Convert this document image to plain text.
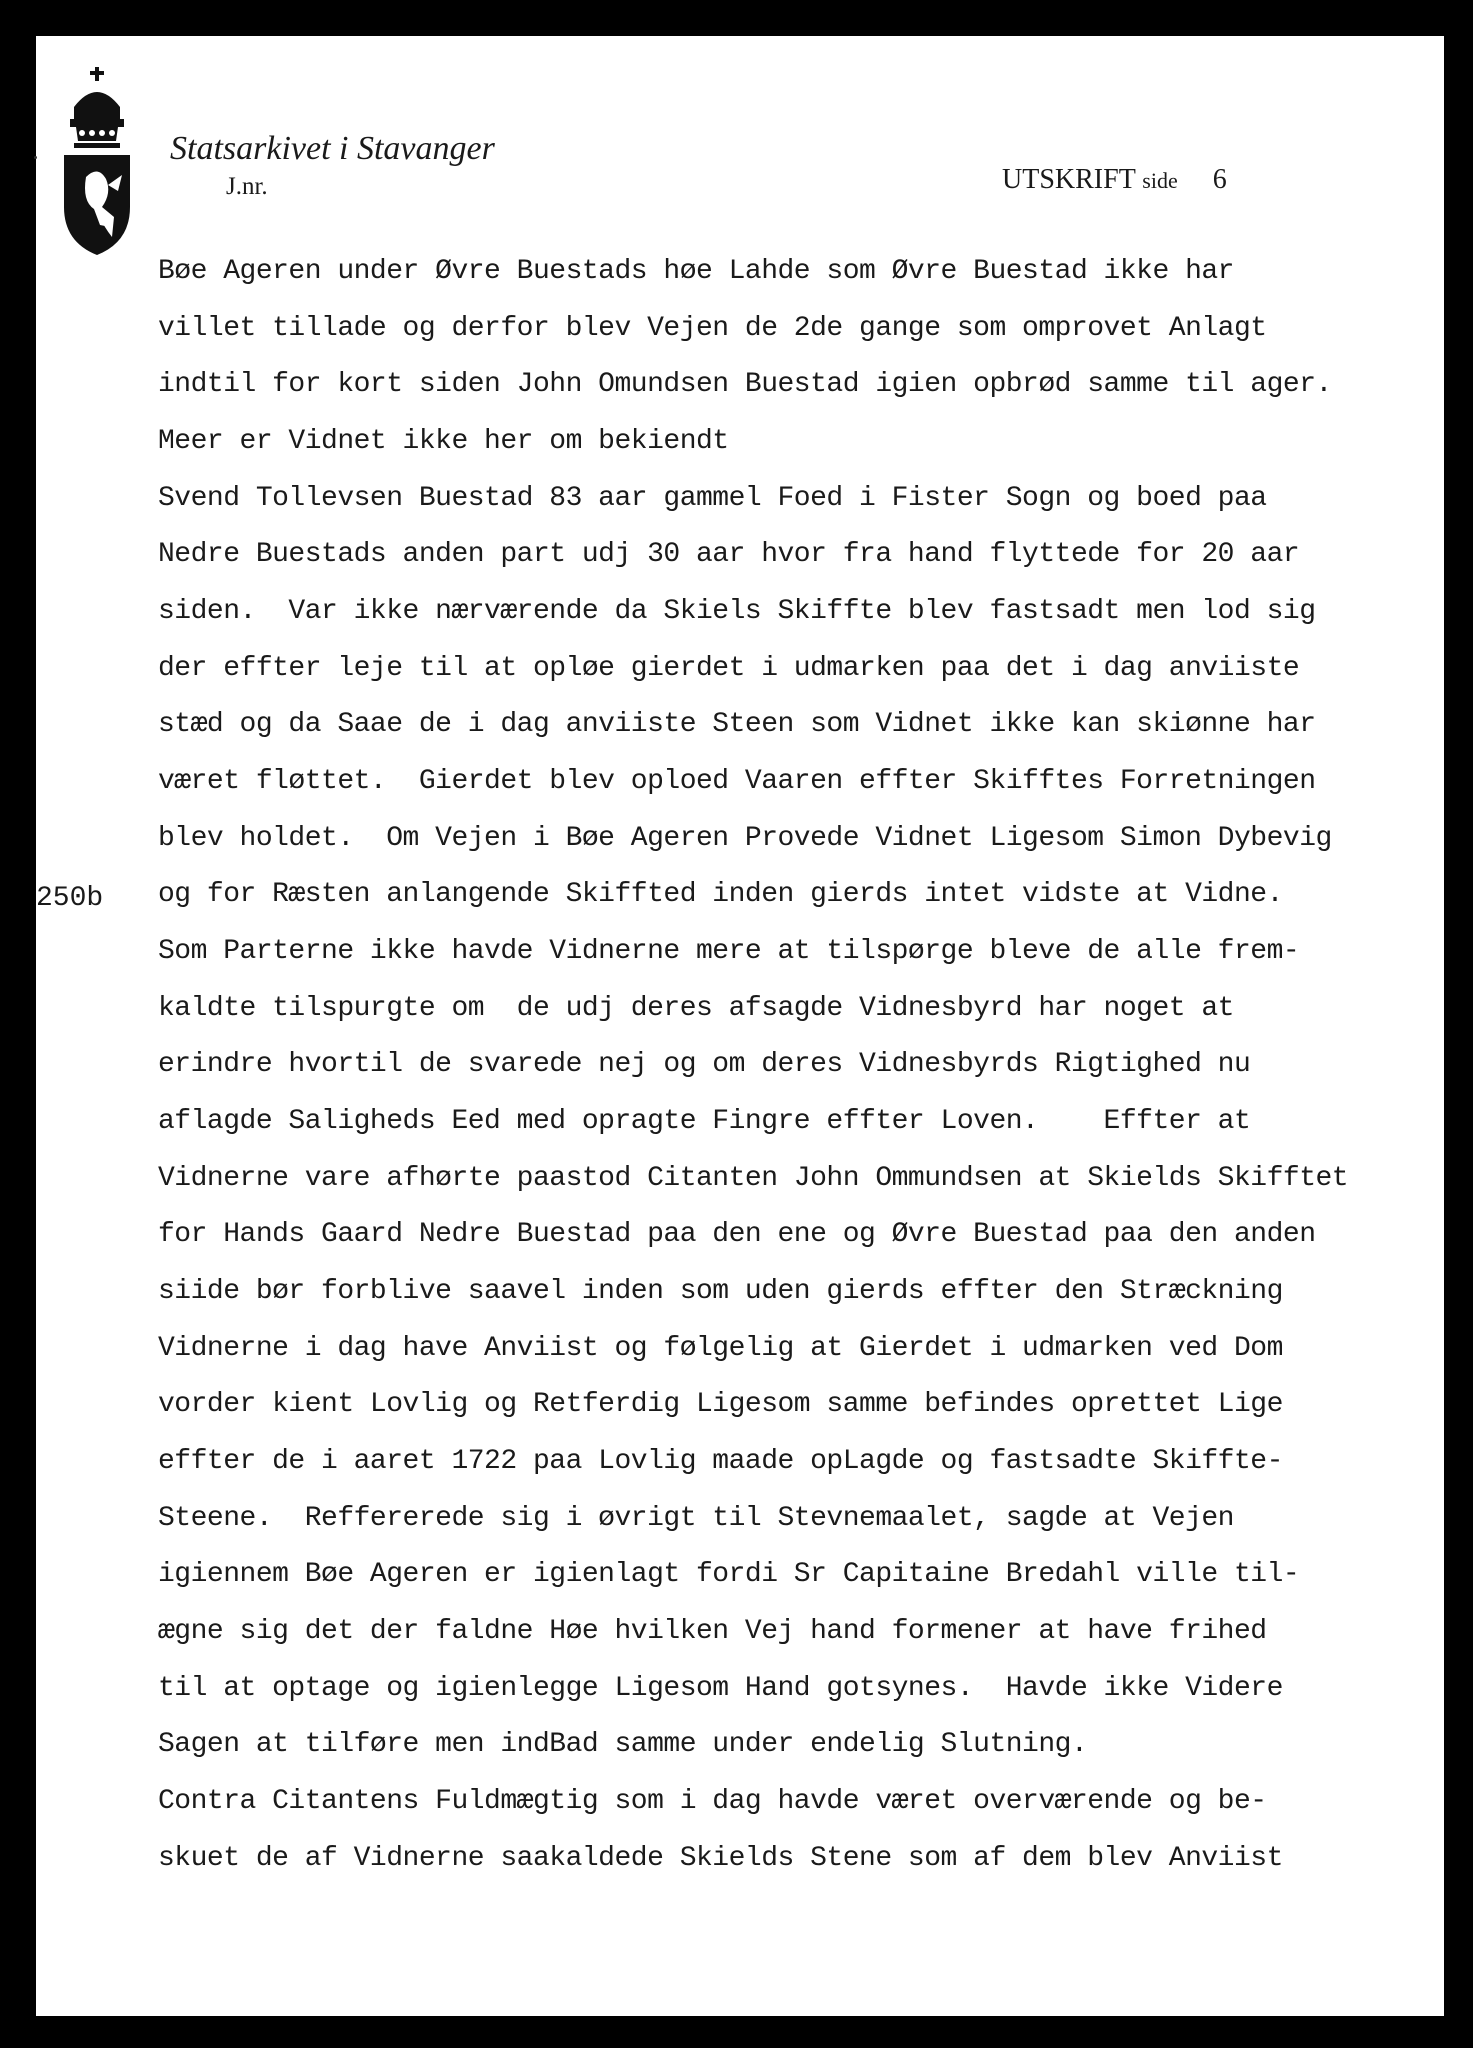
Statsarkivet i Stavanger
J.nr.	UTSKRIFT side 6
250b
Bøe Ageren under Øvre Buestads høe Lahde som Øvre Buestad ikke har
villet tillade og derfor blev Vejen de 2de gange som omprovet Anlagt
indtil for kort siden John Omundsen Buestad igien opbrød samme til ager.
Meer er Vidnet ikke her om bekiendt
Svend Tollevsen Buestad 83 aar gammel Foed i Fister Sogn og boed paa
Nedre Buestads anden part udj 30 aar hvor fra hand flyttede for 20 aar
siden.  Var ikke nærværende da Skiels Skiffte blev fastsadt men lod sig
der effter leje til at opløe gierdet i udmarken paa det i dag anviiste
stæd og da Saae de i dag anviiste Steen som Vidnet ikke kan skiønne har
været fløttet.  Gierdet blev oploed Vaaren effter Skifftes Forretningen
blev holdet.  Om Vejen i Bøe Ageren Provede Vidnet Ligesom Simon Dybevig
og for Ræsten anlangende Skiffted inden gierds intet vidste at Vidne.
Som Parterne ikke havde Vidnerne mere at tilspørge bleve de alle frem-
kaldte tilspurgte om  de udj deres afsagde Vidnesbyrd har noget at
erindre hvortil de svarede nej og om deres Vidnesbyrds Rigtighed nu
aflagde Saligheds Eed med opragte Fingre effter Loven.    Effter at
Vidnerne vare afhørte paastod Citanten John Ommundsen at Skields Skifftet
for Hands Gaard Nedre Buestad paa den ene og Øvre Buestad paa den anden
siide bør forblive saavel inden som uden gierds effter den Stræckning
Vidnerne i dag have Anviist og følgelig at Gierdet i udmarken ved Dom
vorder kient Lovlig og Retferdig Ligesom samme befindes oprettet Lige
effter de i aaret 1722 paa Lovlig maade opLagde og fastsadte Skiffte-
Steene.  Reffererede sig i øvrigt til Stevnemaalet, sagde at Vejen
igiennem Bøe Ageren er igienlagt fordi Sr Capitaine Bredahl ville til-
ægne sig det der faldne Høe hvilken Vej hand formener at have frihed
til at optage og igienlegge Ligesom Hand gotsynes.  Havde ikke Videre
Sagen at tilføre men indBad samme under endelig Slutning.
Contra Citantens Fuldmægtig som i dag havde været overværende og be-
skuet de af Vidnerne saakaldede Skields Stene som af dem blev Anviist
